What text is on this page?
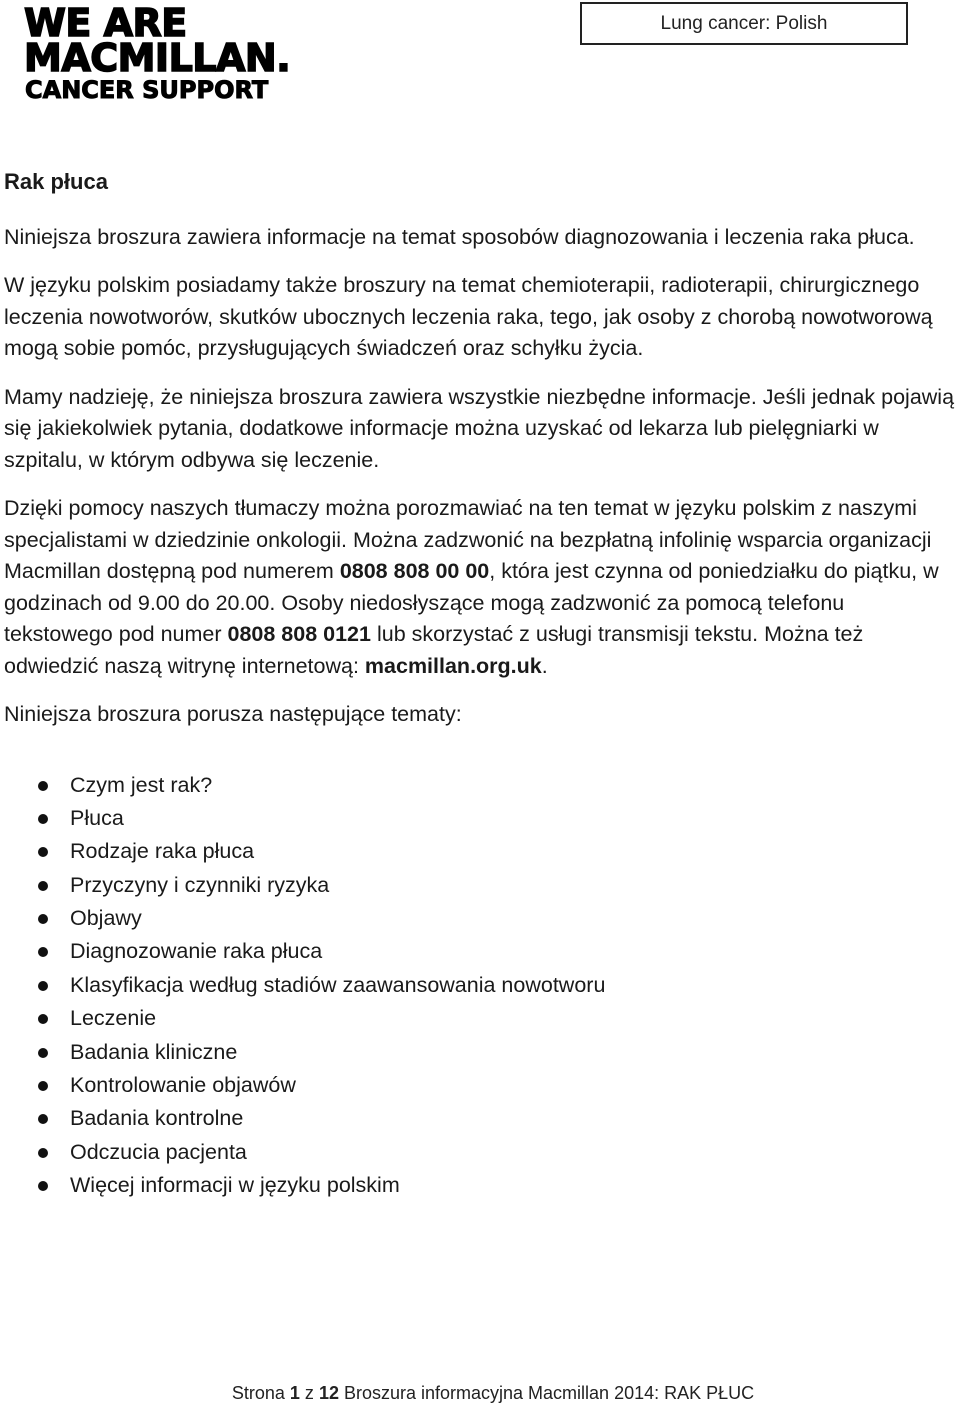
WE ARE
MACMILLAN.
CANCER SUPPORT
Lung cancer: Polish

Rak płuca

Niniejsza broszura zawiera informacje na temat sposobów diagnozowania i leczenia raka płuca.

W języku polskim posiadamy także broszury na temat chemioterapii, radioterapii, chirurgicznego leczenia nowotworów, skutków ubocznych leczenia raka, tego, jak osoby z chorobą nowotworową mogą sobie pomóc, przysługujących świadczeń oraz schyłku życia.

Mamy nadzieję, że niniejsza broszura zawiera wszystkie niezbędne informacje. Jeśli jednak pojawią się jakiekolwiek pytania, dodatkowe informacje można uzyskać od lekarza lub pielęgniarki w szpitalu, w którym odbywa się leczenie.

Dzięki pomocy naszych tłumaczy można porozmawiać na ten temat w języku polskim z naszymi specjalistami w dziedzinie onkologii. Można zadzwonić na bezpłatną infolinię wsparcia organizacji Macmillan dostępną pod numerem 0808 808 00 00, która jest czynna od poniedziałku do piątku, w godzinach od 9.00 do 20.00. Osoby niedosłyszące mogą zadzwonić za pomocą telefonu tekstowego pod numer 0808 808 0121 lub skorzystać z usługi transmisji tekstu. Można też odwiedzić naszą witrynę internetową: macmillan.org.uk.

Niniejsza broszura porusza następujące tematy:

Czym jest rak?
Płuca
Rodzaje raka płuca
Przyczyny i czynniki ryzyka
Objawy
Diagnozowanie raka płuca
Klasyfikacja według stadiów zaawansowania nowotworu
Leczenie
Badania kliniczne
Kontrolowanie objawów
Badania kontrolne
Odczucia pacjenta
Więcej informacji w języku polskim
Strona 1 z 12 Broszura informacyjna Macmillan 2014: RAK PŁUC
